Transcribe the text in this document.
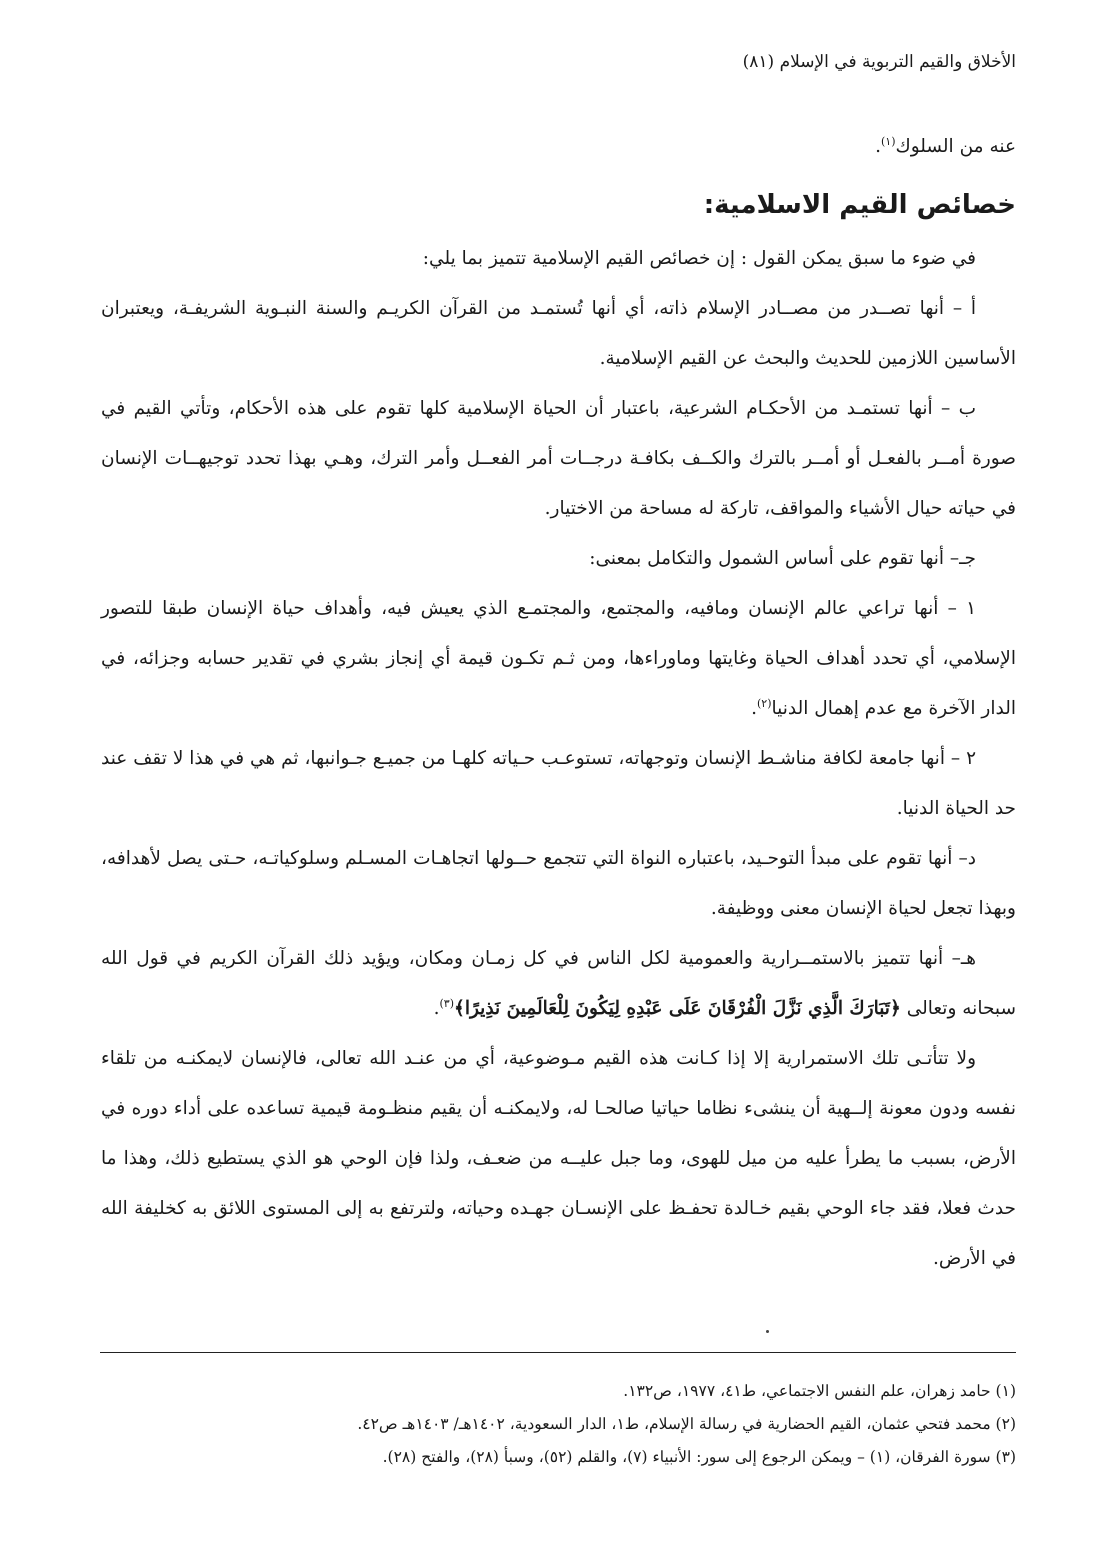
الأخلاق والقيم التربوية في الإسلام (٨١)

عنه من السلوك$^{(١)}$.

خصائص القيم الاسلامية:

في ضوء ما سبق يمكن القول : إن خصائص القيم الإسلامية تتميز بما يلي:

أ – أنها تصــدر من مصــادر الإسلام ذاته، أي أنها تُستمـد من القرآن الكريـم والسنة النبـوية الشريفـة، ويعتبران الأساسين اللازمين للحديث والبحث عن القيم الإسلامية.

ب – أنها تستمـد من الأحكـام الشرعية، باعتبار أن الحياة الإسلامية كلها تقوم على هذه الأحكام، وتأتي القيم في صورة أمــر بالفعـل أو أمــر بالترك والكــف بكافـة درجــات أمر الفعــل وأمر الترك، وهـي بهذا تحدد توجيهــات الإنسان في حياته حيال الأشياء والمواقف، تاركة له مساحة من الاختيار.

جـ– أنها تقوم على أساس الشمول والتكامل بمعنى:

١ – أنها تراعي عالم الإنسان ومافيه، والمجتمع، والمجتمـع الذي يعيش فيه، وأهداف حياة الإنسان طبقا للتصور الإسلامي، أي تحدد أهداف الحياة وغايتها وماوراءها، ومن ثـم تكـون قيمة أي إنجاز بشري في تقدير حسابه وجزائه، في الدار الآخرة مع عدم إهمال الدنيا$^{(٢)}$.

٢ – أنها جامعة لكافة مناشـط الإنسان وتوجهاته، تستوعـب حـياته كلهـا من جميـع جـوانبها، ثم هي في هذا لا تقف عند حد الحياة الدنيا.

د– أنها تقوم على مبدأ التوحـيد، باعتباره النواة التي تتجمع حــولها اتجاهـات المسـلم وسلوكياتـه، حـتى يصل لأهدافه، وبهذا تجعل لحياة الإنسان معنى ووظيفة.

هـ– أنها تتميز بالاستمــرارية والعمومية لكل الناس في كل زمـان ومكان، ويؤيد ذلك القرآن الكريم في قول الله سبحانه وتعالى ﴿تَبَارَكَ الَّذِي نَزَّلَ الْفُرْقَانَ عَلَى عَبْدِهِ لِيَكُونَ لِلْعَالَمِينَ نَذِيرًا﴾$^{(٣)}$.

ولا تتأتـى تلك الاستمرارية إلا إذا كـانت هذه القيم مـوضوعية، أي من عنـد الله تعالى، فالإنسان لايمكنـه من تلقاء نفسه ودون معونة إلــهية أن ينشىء نظاما حياتيا صالحـا له، ولايمكنـه أن يقيم منظـومة قيمية تساعده على أداء دوره في الأرض، بسبب ما يطرأ عليه من ميل للهوى، وما جبل عليــه من ضعـف، ولذا فإن الوحي هو الذي يستطيع ذلك، وهذا ما حدث فعلا، فقد جاء الوحي بقيم خـالدة تحفـظ على الإنسـان جهـده وحياته، ولترتفع به إلى المستوى اللائق به كخليفة الله في الأرض.

(١) حامد زهران، علم النفس الاجتماعي، ط٤١، ١٩٧٧، ص١٣٢.

(٢) محمد فتحي عثمان، القيم الحضارية في رسالة الإسلام، ط١، الدار السعودية، ١٤٠٢هـ/ ١٤٠٣هـ ص٤٢.

(٣) سورة الفرقان، (١) – ويمكن الرجوع إلى سور: الأنبياء (٧)، والقلم (٥٢)، وسبأ (٢٨)، والفتح (٢٨).
